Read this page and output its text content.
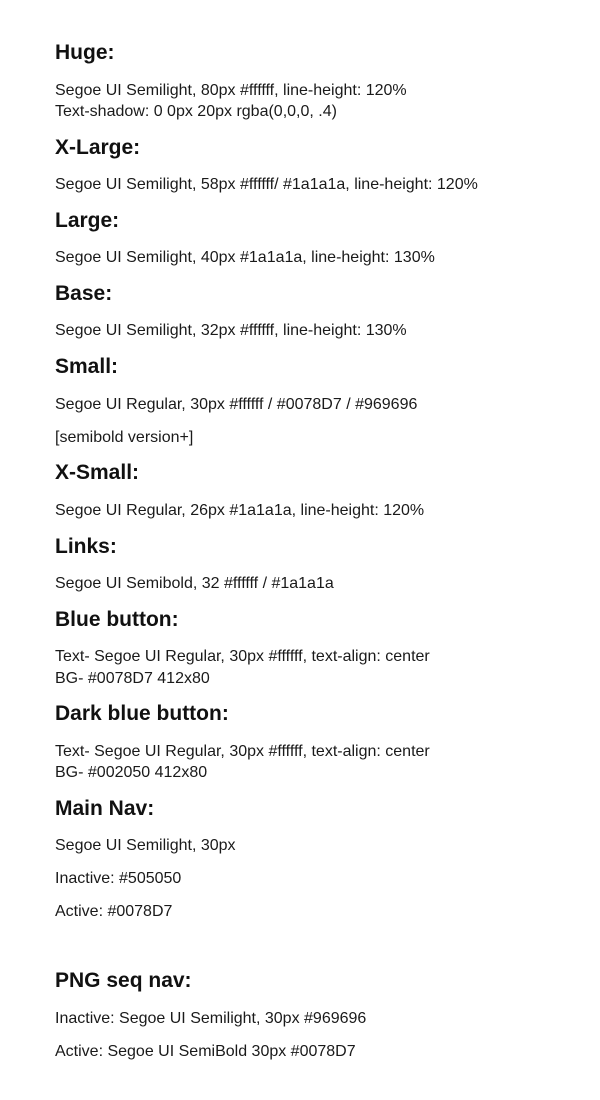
Huge:
Segoe UI Semilight, 80px #ffffff, line-height: 120%
Text-shadow: 0 0px 20px rgba(0,0,0, .4)
X-Large:
Segoe UI Semilight, 58px #ffffff/ #1a1a1a, line-height: 120%
Large:
Segoe UI Semilight, 40px #1a1a1a, line-height: 130%
Base:
Segoe UI Semilight, 32px #ffffff, line-height: 130%
Small:
Segoe UI Regular, 30px #ffffff / #0078D7 / #969696
[semibold version+]
X-Small:
Segoe UI Regular, 26px #1a1a1a, line-height: 120%
Links:
Segoe UI Semibold, 32 #ffffff / #1a1a1a
Blue button:
Text- Segoe UI Regular, 30px #ffffff, text-align: center
BG- #0078D7 412x80
Dark blue button:
Text- Segoe UI Regular, 30px #ffffff, text-align: center
BG- #002050 412x80
Main Nav:
Segoe UI Semilight, 30px
Inactive: #505050
Active: #0078D7
PNG seq nav:
Inactive: Segoe UI Semilight, 30px #969696
Active: Segoe UI SemiBold 30px #0078D7
